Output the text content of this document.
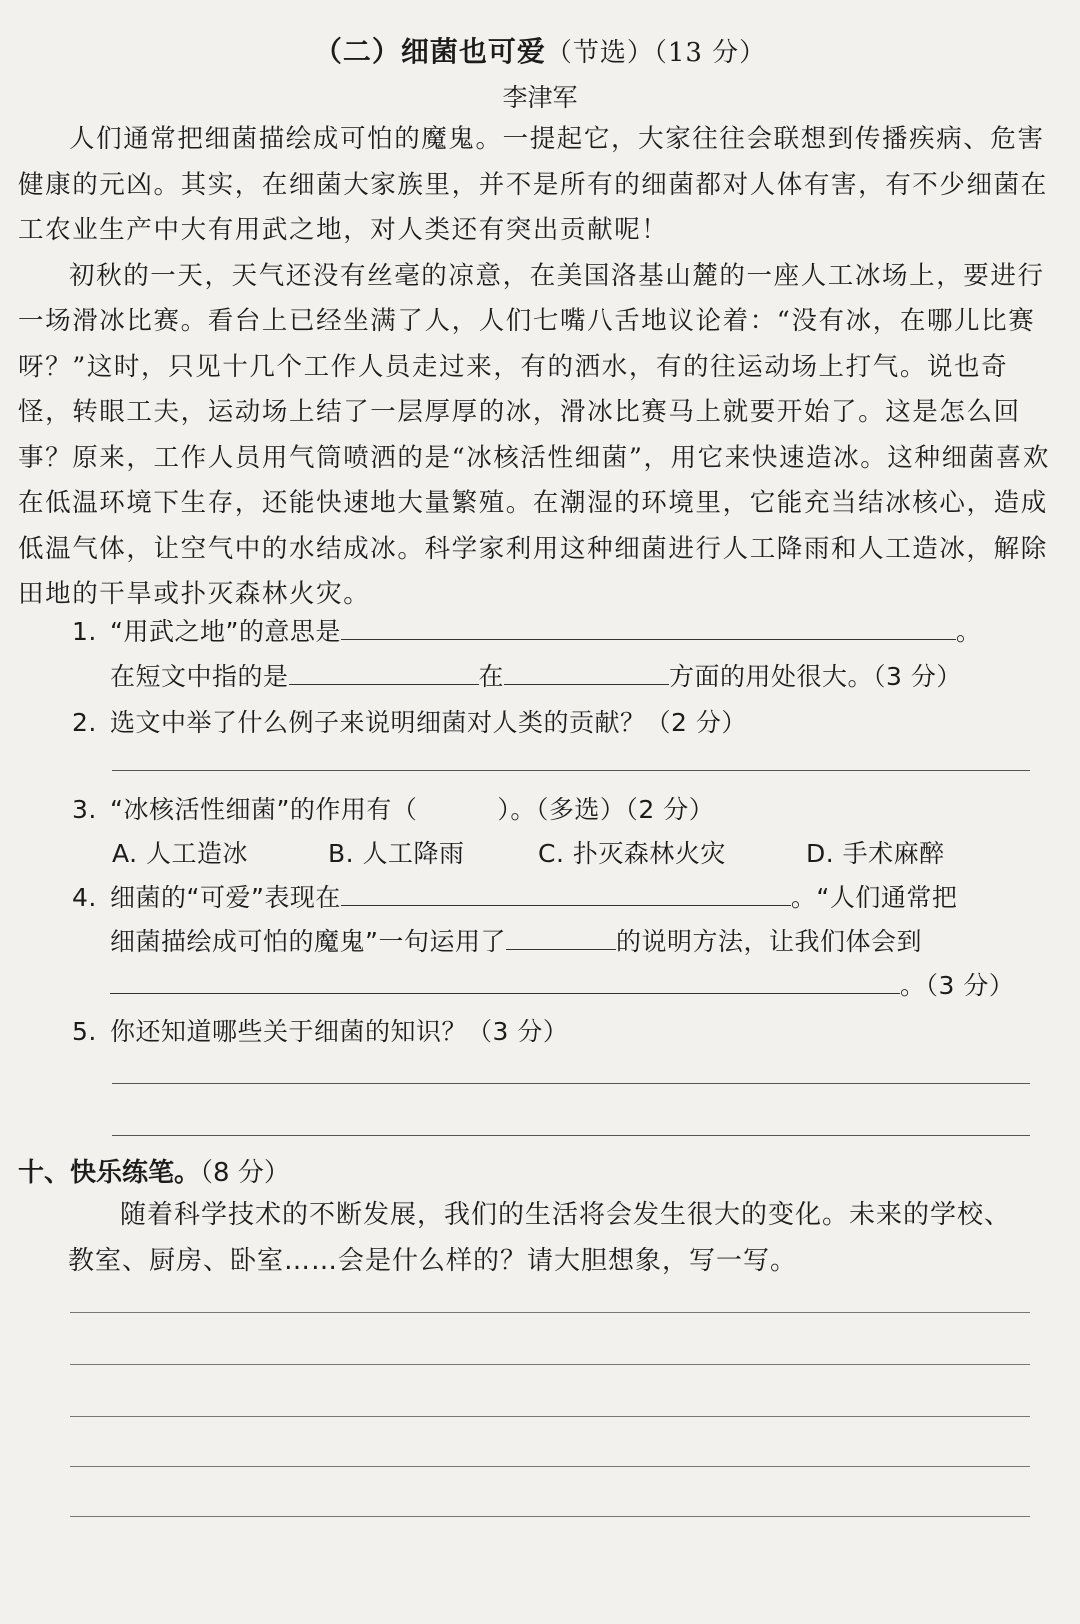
（二）细菌也可爱（节选）（13 分）
李津军

人们通常把细菌描绘成可怕的魔鬼。一提起它，大家往往会联想到传播疾病、危害健康的元凶。其实，在细菌大家族里，并不是所有的细菌都对人体有害，有不少细菌在工农业生产中大有用武之地，对人类还有突出贡献呢！

初秋的一天，天气还没有丝毫的凉意，在美国洛基山麓的一座人工冰场上，要进行一场滑冰比赛。看台上已经坐满了人，人们七嘴八舌地议论着：“没有冰，在哪儿比赛呀？”这时，只见十几个工作人员走过来，有的洒水，有的往运动场上打气。说也奇怪，转眼工夫，运动场上结了一层厚厚的冰，滑冰比赛马上就要开始了。这是怎么回事？原来，工作人员用气筒喷洒的是“冰核活性细菌”，用它来快速造冰。这种细菌喜欢在低温环境下生存，还能快速地大量繁殖。在潮湿的环境里，它能充当结冰核心，造成低温气体，让空气中的水结成冰。科学家利用这种细菌进行人工降雨和人工造冰，解除田地的干旱或扑灭森林火灾。

1. “用武之地”的意思是	。
在短文中指的是	在	方面的用处很大。（3 分）
2. 选文中举了什么例子来说明细菌对人类的贡献？（2 分）
3. “冰核活性细菌”的作用有（	）。（多选）（2 分）
A. 人工造冰	B. 人工降雨	C. 扑灭森林火灾	D. 手术麻醉
4. 细菌的“可爱”表现在	。“人们通常把
细菌描绘成可怕的魔鬼”一句运用了	的说明方法，让我们体会到
。（3 分）
5. 你还知道哪些关于细菌的知识？（3 分）
十、快乐练笔。（8 分）

随着科学技术的不断发展，我们的生活将会发生很大的变化。未来的学校、教室、厨房、卧室……会是什么样的？请大胆想象，写一写。
